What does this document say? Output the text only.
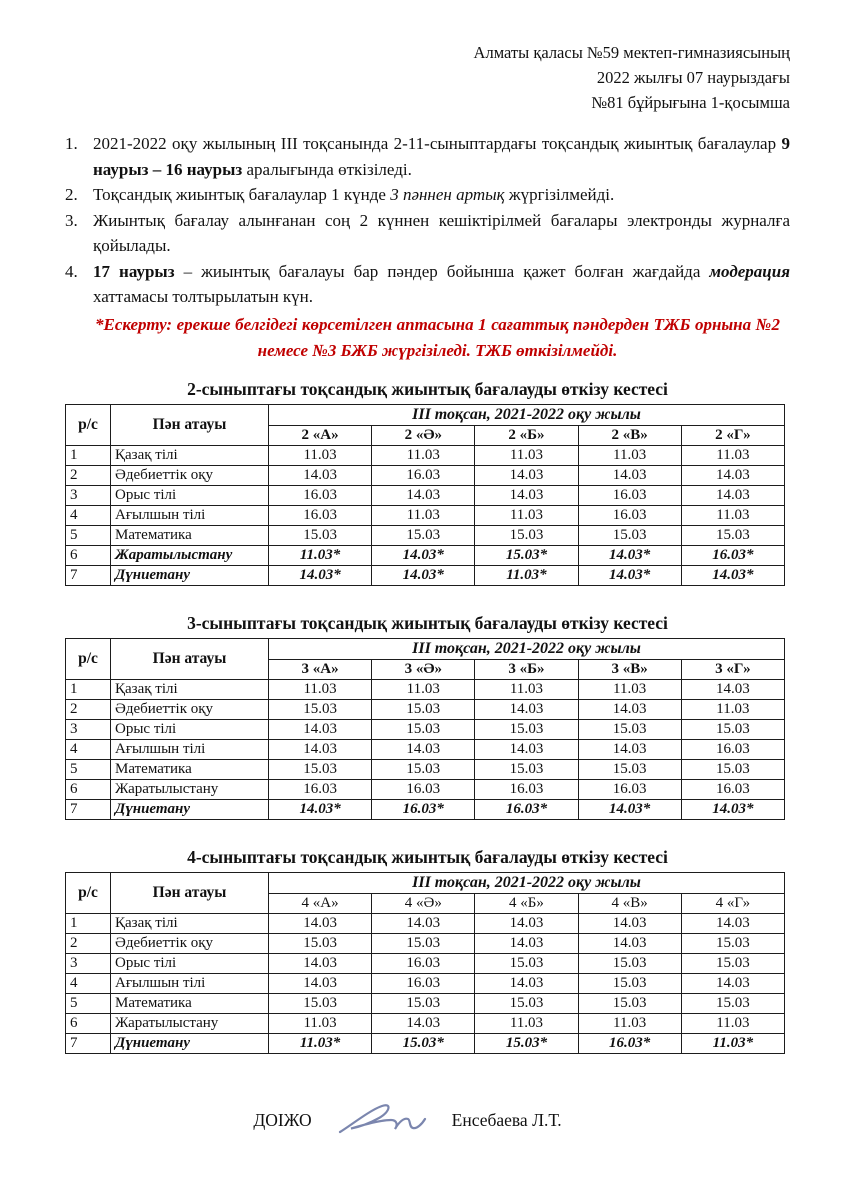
Алматы қаласы №59 мектеп-гимназиясының
2022 жылғы 07 наурыздағы
№81 бұйрығына 1-қосымша
1. 2021-2022 оқу жылының III тоқсанында 2-11-сыныптардағы тоқсандық жиынтық бағалаулар 9 наурыз – 16 наурыз аралығында өткізіледі.
2. Тоқсандық жиынтық бағалаулар 1 күнде 3 пәннен артық жүргізілмейді.
3. Жиынтық бағалау алынғанан соң 2 күннен кешіктірілмей бағалары электронды журналға қойылады.
4. 17 наурыз – жиынтық бағалауы бар пәндер бойынша қажет болған жағдайда модерация хаттамасы толтырылатын күн.
*Ескерту: ерекше белгідегі көрсетілген аптасына 1 сағаттық пәндерден ТЖБ орнына №2 немесе №3 БЖБ жүргізіледі. ТЖБ өткізілмейді.
2-сыныптағы тоқсандық жиынтық бағалауды өткізу кестесі
р/с	Пән атауы	III тоқсан, 2021-2022 оқу жылы				
		2 «А»	2 «Ә»	2 «Б»	2 «В»	2 «Г»
1	Қазақ тілі	11.03	11.03	11.03	11.03	11.03
2	Әдебиеттік оқу	14.03	16.03	14.03	14.03	14.03
3	Орыс тілі	16.03	14.03	14.03	16.03	14.03
4	Ағылшын тілі	16.03	11.03	11.03	16.03	11.03
5	Математика	15.03	15.03	15.03	15.03	15.03
6	Жаратылыстану	11.03*	14.03*	15.03*	14.03*	16.03*
7	Дүниетану	14.03*	14.03*	11.03*	14.03*	14.03*
3-сыныптағы тоқсандық жиынтық бағалауды өткізу кестесі
р/с	Пән атауы	III тоқсан, 2021-2022 оқу жылы				
		3 «А»	3 «Ә»	3 «Б»	3 «В»	3 «Г»
1	Қазақ тілі	11.03	11.03	11.03	11.03	14.03
2	Әдебиеттік оқу	15.03	15.03	14.03	14.03	11.03
3	Орыс тілі	14.03	15.03	15.03	15.03	15.03
4	Ағылшын тілі	14.03	14.03	14.03	14.03	16.03
5	Математика	15.03	15.03	15.03	15.03	15.03
6	Жаратылыстану	16.03	16.03	16.03	16.03	16.03
7	Дүниетану	14.03*	16.03*	16.03*	14.03*	14.03*
4-сыныптағы тоқсандық жиынтық бағалауды өткізу кестесі
р/с	Пән атауы	III тоқсан, 2021-2022 оқу жылы				
		4 «А»	4 «Ә»	4 «Б»	4 «В»	4 «Г»
1	Қазақ тілі	14.03	14.03	14.03	14.03	14.03
2	Әдебиеттік оқу	15.03	15.03	14.03	14.03	15.03
3	Орыс тілі	14.03	16.03	15.03	15.03	15.03
4	Ағылшын тілі	14.03	16.03	14.03	15.03	14.03
5	Математика	15.03	15.03	15.03	15.03	15.03
6	Жаратылыстану	11.03	14.03	11.03	11.03	11.03
7	Дүниетану	11.03*	15.03*	15.03*	16.03*	11.03*
ДОІЖО	Енсебаева Л.Т.
